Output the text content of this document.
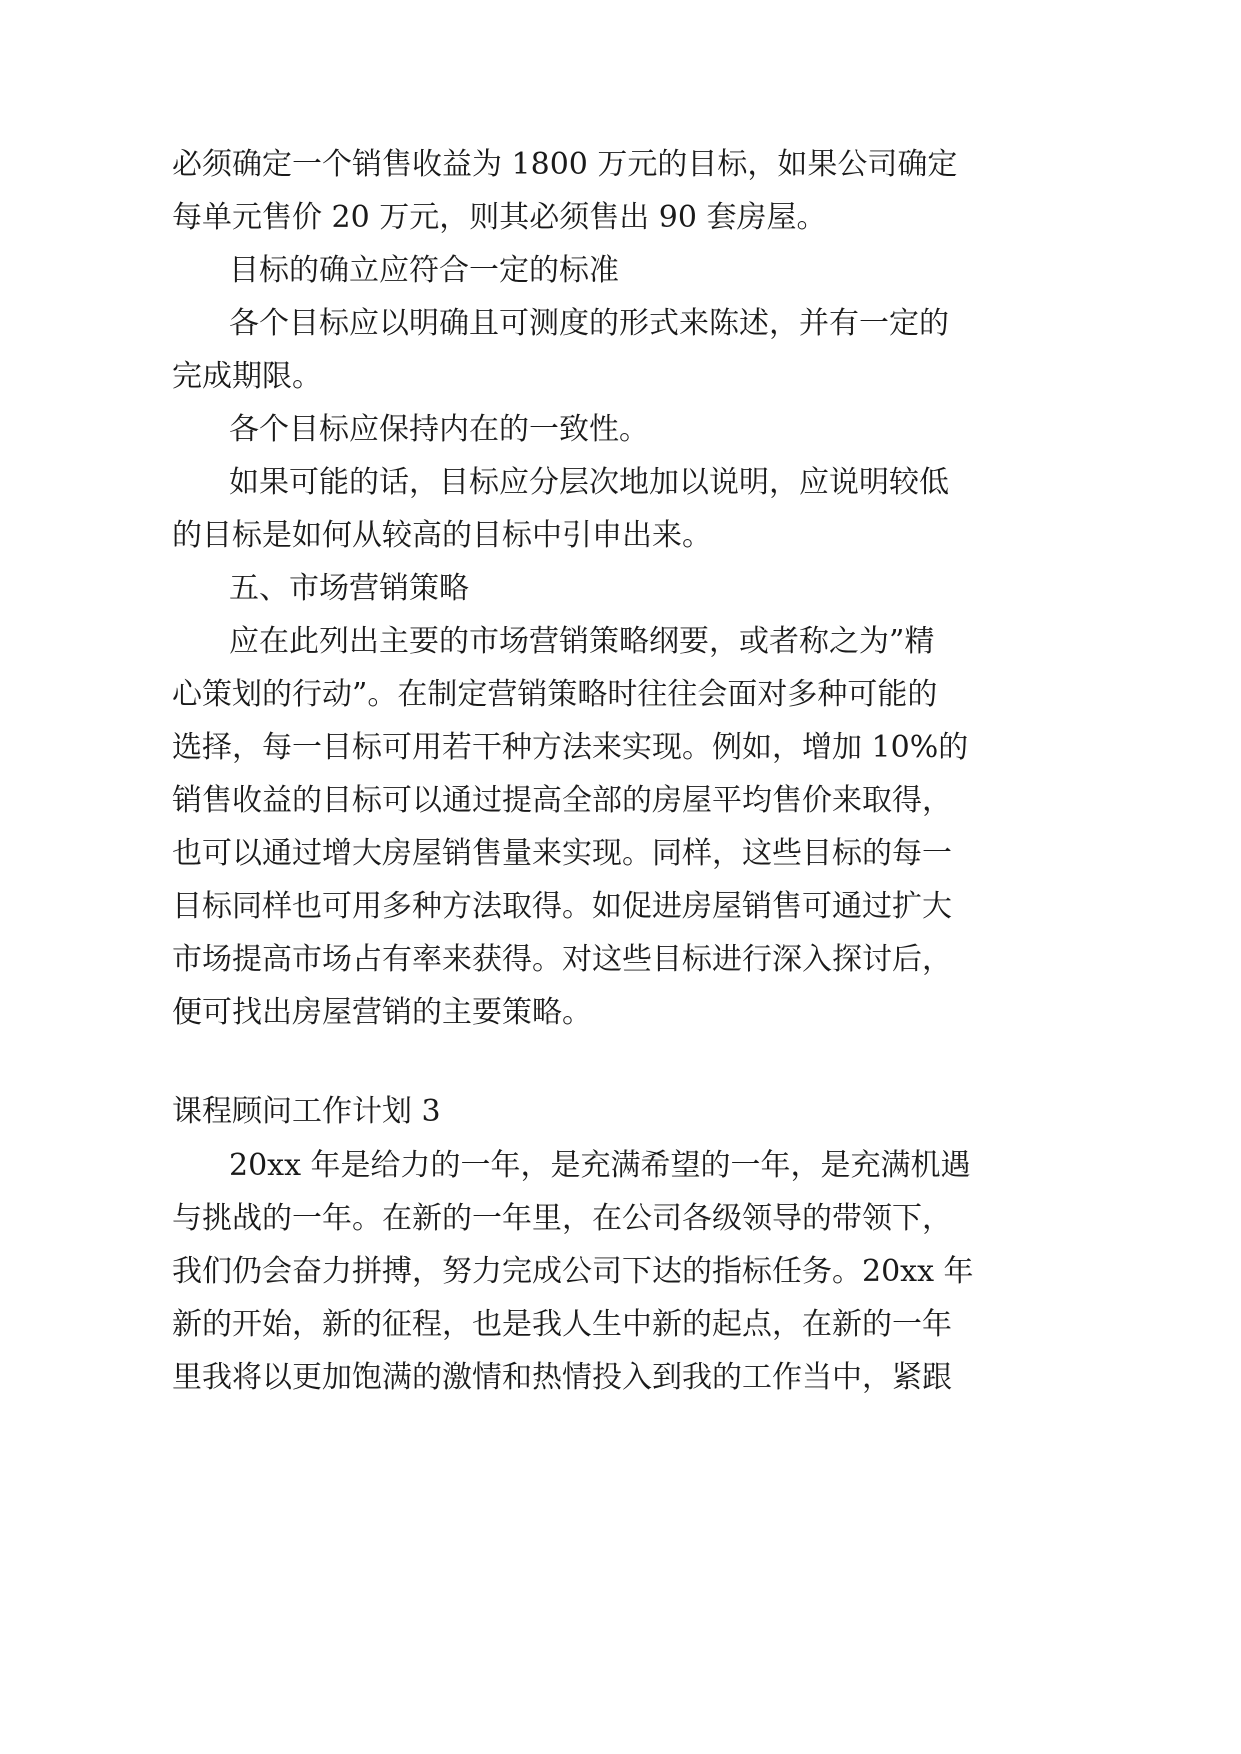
必须确定一个销售收益为 1800 万元的目标，如果公司确定
每单元售价 20 万元，则其必须售出 90 套房屋。
目标的确立应符合一定的标准
各个目标应以明确且可测度的形式来陈述，并有一定的
完成期限。
各个目标应保持内在的一致性。
如果可能的话，目标应分层次地加以说明，应说明较低
的目标是如何从较高的目标中引申出来。
五、市场营销策略
应在此列出主要的市场营销策略纲要，或者称之为”精
心策划的行动”。在制定营销策略时往往会面对多种可能的
选择，每一目标可用若干种方法来实现。例如，增加 10%的
销售收益的目标可以通过提高全部的房屋平均售价来取得，
也可以通过增大房屋销售量来实现。同样，这些目标的每一
目标同样也可用多种方法取得。如促进房屋销售可通过扩大
市场提高市场占有率来获得。对这些目标进行深入探讨后，
便可找出房屋营销的主要策略。
课程顾问工作计划 3
20xx 年是给力的一年，是充满希望的一年，是充满机遇
与挑战的一年。在新的一年里，在公司各级领导的带领下，
我们仍会奋力拼搏，努力完成公司下达的指标任务。20xx 年
新的开始，新的征程，也是我人生中新的起点，在新的一年
里我将以更加饱满的激情和热情投入到我的工作当中，紧跟
